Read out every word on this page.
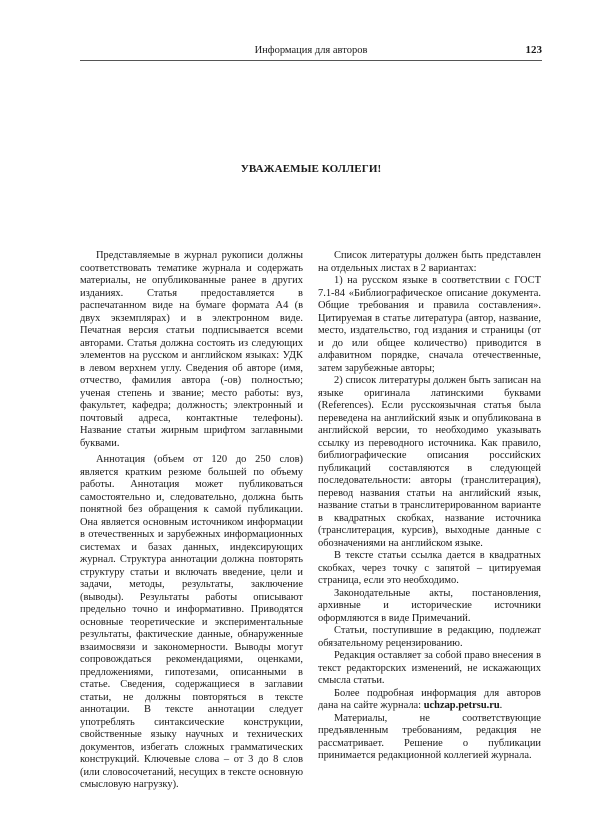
Информация для авторов	123
УВАЖАЕМЫЕ КОЛЛЕГИ!

Представляемые в журнал рукописи должны соответствовать тематике журнала и содержать материалы, не опубликованные ранее в других изданиях. Статья предоставляется в распечатанном виде на бумаге формата А4 (в двух экземплярах) и в электронном виде. Печатная версия статьи подписывается всеми авторами. Статья должна состоять из следующих элементов на русском и английском языках: УДК в левом верхнем углу. Сведения об авторе (имя, отчество, фамилия автора (-ов) полностью; ученая степень и звание; место работы: вуз, факультет, кафедра; должность; электронный и почтовый адреса, контактные телефоны). Название статьи жирным шрифтом заглавными буквами.

Аннотация (объем от 120 до 250 слов) является кратким резюме большей по объему работы. Аннотация может публиковаться самостоятельно и, следовательно, должна быть понятной без обращения к самой публикации. Она является основным источником информации в отечественных и зарубежных информационных системах и базах данных, индексирующих журнал. Структура аннотации должна повторять структуру статьи и включать введение, цели и задачи, методы, результаты, заключение (выводы). Результаты работы описывают предельно точно и информативно. Приводятся основные теоретические и экспериментальные результаты, фактические данные, обнаруженные взаимосвязи и закономерности. Выводы могут сопровождаться рекомендациями, оценками, предложениями, гипотезами, описанными в статье. Сведения, содержащиеся в заглавии статьи, не должны повторяться в тексте аннотации. В тексте аннотации следует употреблять синтаксические конструкции, свойственные языку научных и технических документов, избегать сложных грамматических конструкций. Ключевые слова – от 3 до 8 слов (или словосочетаний, несущих в тексте основную смысловую нагрузку).

Список литературы должен быть представлен на отдельных листах в 2 вариантах:

1) на русском языке в соответствии с ГОСТ 7.1-84 «Библиографическое описание документа. Общие требования и правила составления». Цитируемая в статье литература (автор, название, место, издательство, год издания и страницы (от и до или общее количество) приводится в алфавитном порядке, сначала отечественные, затем зарубежные авторы;

2) список литературы должен быть записан на языке оригинала латинскими буквами (References). Если русскоязычная статья была переведена на английский язык и опубликована в английской версии, то необходимо указывать ссылку из переводного источника. Как правило, библиографические описания российских публикаций составляются в следующей последовательности: авторы (транслитерация), перевод названия статьи на английский язык, название статьи в транслитерированном варианте в квадратных скобках, название источника (транслитерация, курсив), выходные данные с обозначениями на английском языке.

В тексте статьи ссылка дается в квадратных скобках, через точку с запятой – цитируемая страница, если это необходимо.

Законодательные акты, постановления, архивные и исторические источники оформляются в виде Примечаний.

Статьи, поступившие в редакцию, подлежат обязательному рецензированию.

Редакция оставляет за собой право внесения в текст редакторских изменений, не искажающих смысла статьи.

Более подробная информация для авторов дана на сайте журнала: uchzap.petrsu.ru.

Материалы, не соответствующие предъявленным требованиям, редакция не рассматривает. Решение о публикации принимается редакционной коллегией журнала.
